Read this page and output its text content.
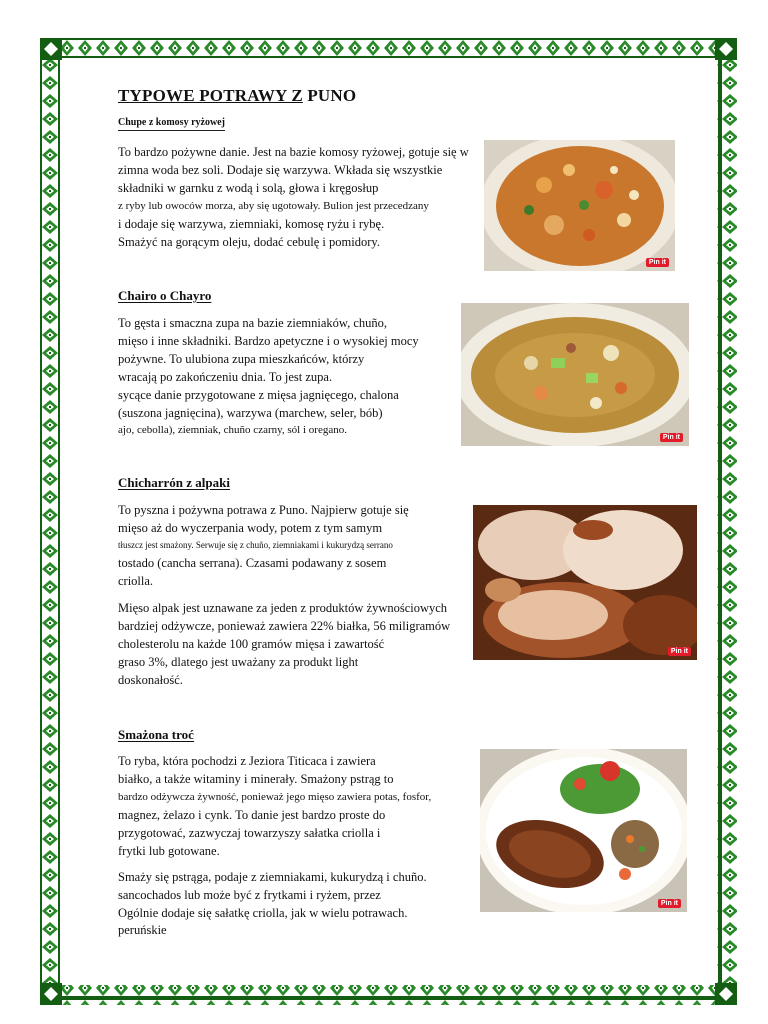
TYPOWE POTRAWY Z PUNO
Chupe z komosy ryżowej
To bardzo pożywne danie. Jest na bazie komosy ryżowej, gotuje się w
zimna woda bez soli. Dodaje się warzywa. Wkłada się wszystkie
składniki w garnku z wodą i solą, głowa i kręgosłup
z ryby lub owoców morza, aby się ugotowały. Bulion jest przecedzany
i dodaje się warzywa, ziemniaki, komosę ryżu i rybę.
Smażyć na gorącym oleju, dodać cebulę i pomidory.
Pin it
Chairo o Chayro
To gęsta i smaczna zupa na bazie ziemniaków, chuño,
mięso i inne składniki. Bardzo apetyczne i o wysokiej mocy
pożywne. To ulubiona zupa mieszkańców, którzy
wracają po zakończeniu dnia. To jest zupa.
sycące danie przygotowane z mięsa jagnięcego, chalona
(suszona jagnięcina), warzywa (marchew, seler, bób)
ajo, cebolla), ziemniak, chuño czarny, sól i oregano.
Pin it
Chicharrón z alpaki
To pyszna i pożywna potrawa z Puno. Najpierw gotuje się
mięso aż do wyczerpania wody, potem z tym samym
tłuszcz jest smażony. Serwuje się z chuño, ziemniakami i kukurydzą serrano
tostado (cancha serrana). Czasami podawany z sosem
criolla.
Mięso alpak jest uznawane za jeden z produktów żywnościowych
bardziej odżywcze, ponieważ zawiera 22% białka, 56 miligramów
cholesterolu na każde 100 gramów mięsa i zawartość
graso 3%, dlatego jest uważany za produkt light
doskonałość.
Pin it
Smażona troć
To ryba, która pochodzi z Jeziora Titicaca i zawiera
białko, a także witaminy i minerały. Smażony pstrąg to
bardzo odżywcza żywność, ponieważ jego mięso zawiera potas, fosfor,
magnez, żelazo i cynk. To danie jest bardzo proste do
przygotować, zazwyczaj towarzyszy sałatka criolla i
frytki lub gotowane.
Smaży się pstrąga, podaje z ziemniakami, kukurydzą i chuño.
sancochados lub może być z frytkami i ryżem, przez
Ogólnie dodaje się sałatkę criolla, jak w wielu potrawach.
peruńskie
Pin it
